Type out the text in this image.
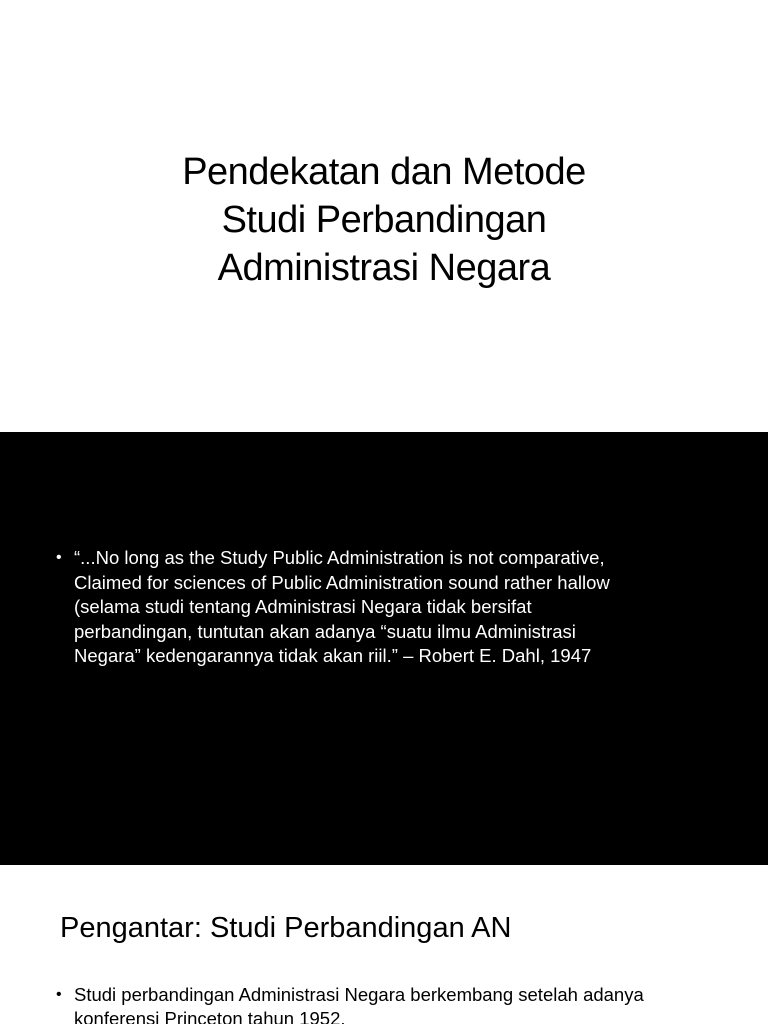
Pendekatan dan Metode
Studi Perbandingan
Administrasi Negara
• “...No long as the Study Public Administration is not comparative,
Claimed for sciences of Public Administration sound rather hallow
(selama studi tentang Administrasi Negara tidak bersifat
perbandingan, tuntutan akan adanya “suatu ilmu Administrasi
Negara” kedengarannya tidak akan riil.” – Robert E. Dahl, 1947
Pengantar: Studi Perbandingan AN
• Studi perbandingan Administrasi Negara berkembang setelah adanya
konferensi Princeton tahun 1952.
